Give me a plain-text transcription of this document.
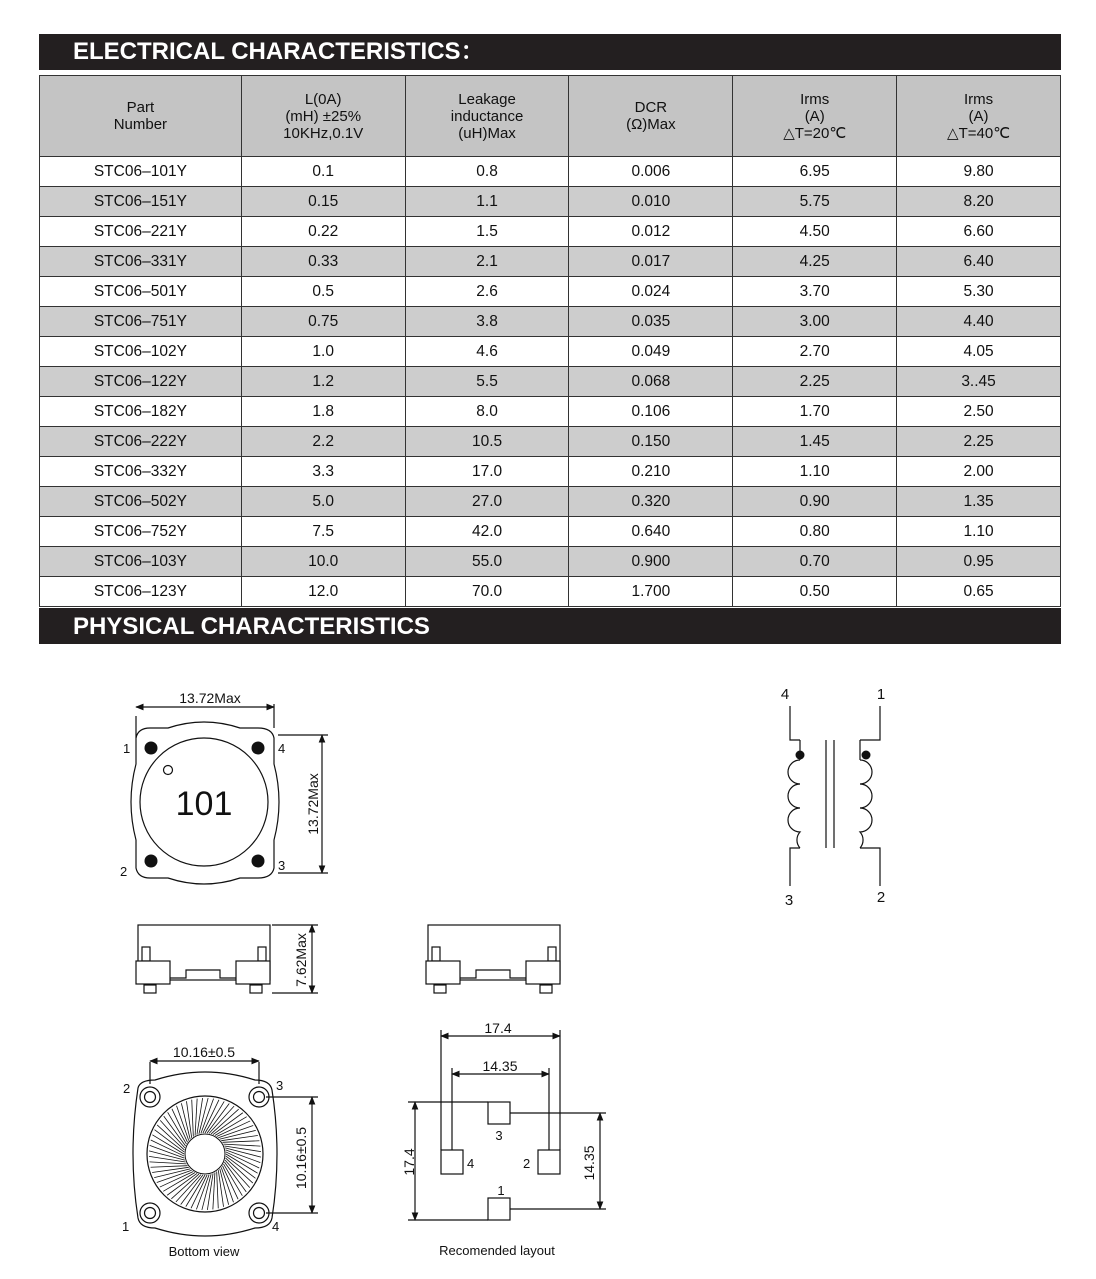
ELECTRICAL CHARACTERISTICS：
Part
Number	L(0A)
(mH) ±25%
10KHz,0.1V	Leakage
inductance
(uH)Max	DCR
(Ω)Max	Irms
(A)
△T=20℃	Irms
(A)
△T=40℃

STC06–101Y	0.1	0.8	0.006	6.95	9.80
STC06–151Y	0.15	1.1	0.010	5.75	8.20
STC06–221Y	0.22	1.5	0.012	4.50	6.60
STC06–331Y	0.33	2.1	0.017	4.25	6.40
STC06–501Y	0.5	2.6	0.024	3.70	5.30
STC06–751Y	0.75	3.8	0.035	3.00	4.40
STC06–102Y	1.0	4.6	0.049	2.70	4.05
STC06–122Y	1.2	5.5	0.068	2.25	3..45
STC06–182Y	1.8	8.0	0.106	1.70	2.50
STC06–222Y	2.2	10.5	0.150	1.45	2.25
STC06–332Y	3.3	17.0	0.210	1.10	2.00
STC06–502Y	5.0	27.0	0.320	0.90	1.35
STC06–752Y	7.5	42.0	0.640	0.80	1.10
STC06–103Y	10.0	55.0	0.900	0.70	0.95
STC06–123Y	12.0	70.0	1.700	0.50	0.65
PHYSICAL CHARACTERISTICS
101
13.72Max
13.72Max
1	4
2	3
7.62Max
10.16±0.5
10.16±0.5
2	3
1	4
Bottom view
17.4
14.35
17.4	14.35
3
4	2
1
Recomended layout
4	1
3	2
